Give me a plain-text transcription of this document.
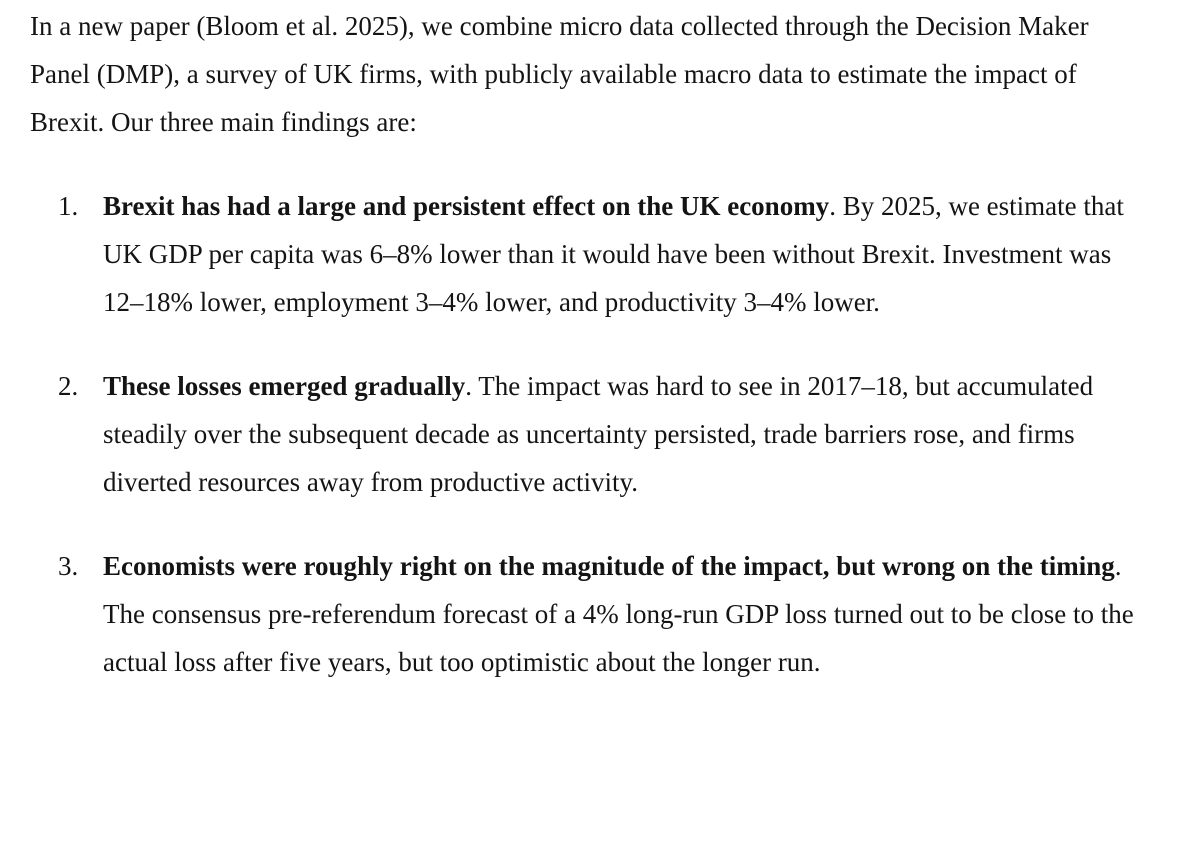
In a new paper (Bloom et al. 2025), we combine micro data collected through the Decision Maker Panel (DMP), a survey of UK firms, with publicly available macro data to estimate the impact of Brexit. Our three main findings are:

1. Brexit has had a large and persistent effect on the UK economy. By 2025, we estimate that UK GDP per capita was 6–8% lower than it would have been without Brexit. Investment was 12–18% lower, employment 3–4% lower, and productivity 3–4% lower.
2. These losses emerged gradually. The impact was hard to see in 2017–18, but accumulated steadily over the subsequent decade as uncertainty persisted, trade barriers rose, and firms diverted resources away from productive activity.
3. Economists were roughly right on the magnitude of the impact, but wrong on the timing. The consensus pre-referendum forecast of a 4% long-run GDP loss turned out to be close to the actual loss after five years, but too optimistic about the longer run.
